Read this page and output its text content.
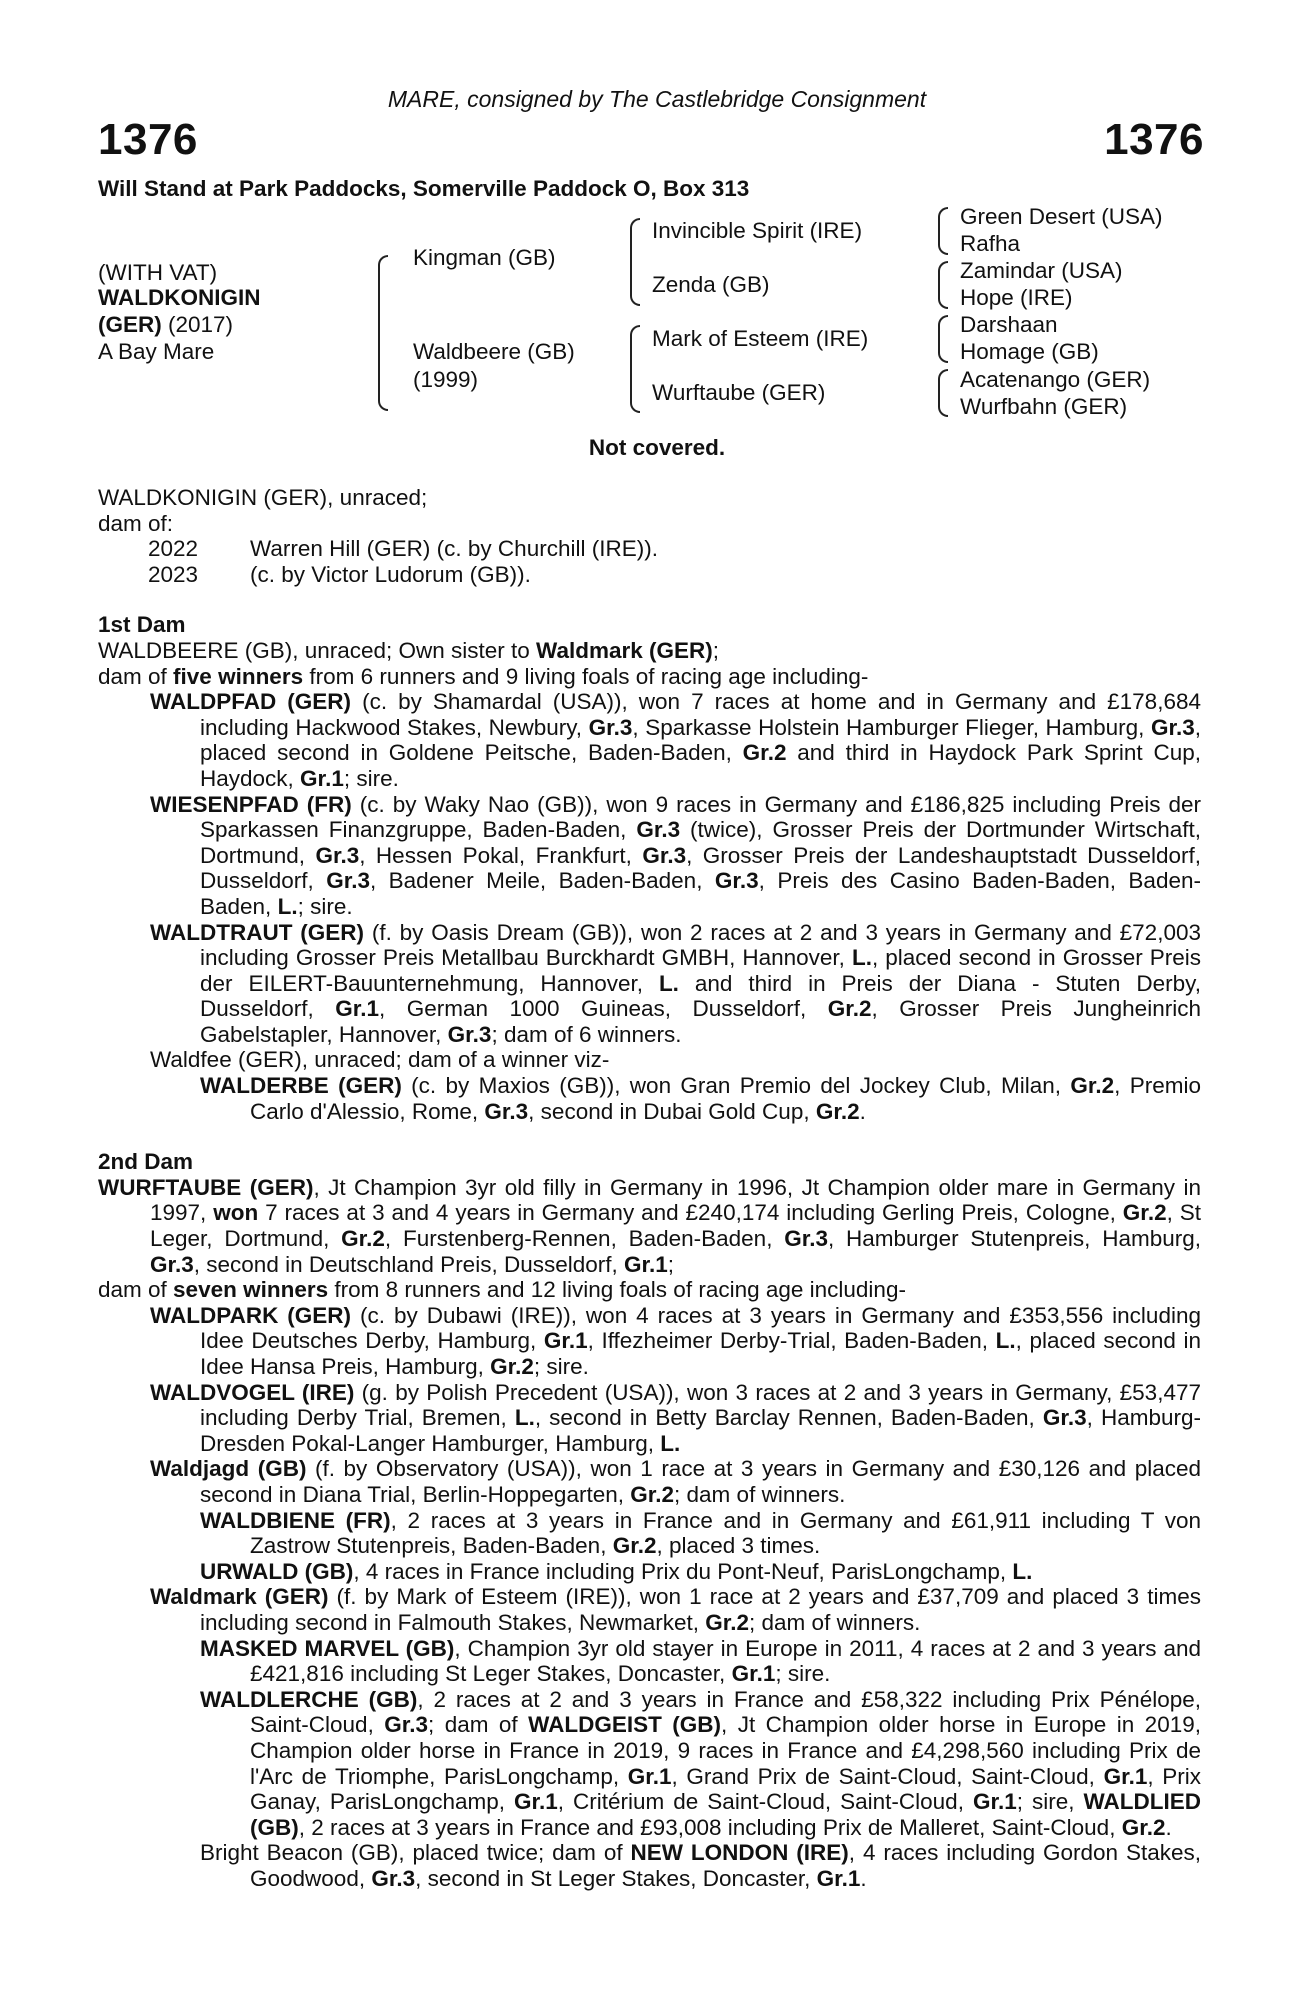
MARE, consigned by The Castlebridge Consignment
1376	1376
Will Stand at Park Paddocks, Somerville Paddock O, Box 313
(WITH VAT)
WALDKONIGIN
(GER) (2017)
A Bay Mare
Kingman (GB)
Waldbeere (GB)
(1999)
Invincible Spirit (IRE)
Zenda (GB)
Mark of Esteem (IRE)
Wurftaube (GER)
Green Desert (USA)
Rafha
Zamindar (USA)
Hope (IRE)
Darshaan
Homage (GB)
Acatenango (GER)
Wurfbahn (GER)
Not covered.
WALDKONIGIN (GER), unraced;
dam of:
2022	Warren Hill (GER) (c. by Churchill (IRE)).
2023	(c. by Victor Ludorum (GB)).
1st Dam
WALDBEERE (GB), unraced; Own sister to Waldmark (GER);
dam of five winners from 6 runners and 9 living foals of racing age including-
WALDPFAD (GER) (c. by Shamardal (USA)), won 7 races at home and in Germany and £178,684 including Hackwood Stakes, Newbury, Gr.3, Sparkasse Holstein Hamburger Flieger, Hamburg, Gr.3, placed second in Goldene Peitsche, Baden-Baden, Gr.2 and third in Haydock Park Sprint Cup, Haydock, Gr.1; sire.
WIESENPFAD (FR) (c. by Waky Nao (GB)), won 9 races in Germany and £186,825 including Preis der Sparkassen Finanzgruppe, Baden-Baden, Gr.3 (twice), Grosser Preis der Dortmunder Wirtschaft, Dortmund, Gr.3, Hessen Pokal, Frankfurt, Gr.3, Grosser Preis der Landeshauptstadt Dusseldorf, Dusseldorf, Gr.3, Badener Meile, Baden-Baden, Gr.3, Preis des Casino Baden-Baden, Baden-Baden, L.; sire.
WALDTRAUT (GER) (f. by Oasis Dream (GB)), won 2 races at 2 and 3 years in Germany and £72,003 including Grosser Preis Metallbau Burckhardt GMBH, Hannover, L., placed second in Grosser Preis der EILERT-Bauunternehmung, Hannover, L. and third in Preis der Diana - Stuten Derby, Dusseldorf, Gr.1, German 1000 Guineas, Dusseldorf, Gr.2, Grosser Preis Jungheinrich Gabelstapler, Hannover, Gr.3; dam of 6 winners.
Waldfee (GER), unraced; dam of a winner viz-
WALDERBE (GER) (c. by Maxios (GB)), won Gran Premio del Jockey Club, Milan, Gr.2, Premio Carlo d'Alessio, Rome, Gr.3, second in Dubai Gold Cup, Gr.2.
2nd Dam
WURFTAUBE (GER), Jt Champion 3yr old filly in Germany in 1996, Jt Champion older mare in Germany in 1997, won 7 races at 3 and 4 years in Germany and £240,174 including Gerling Preis, Cologne, Gr.2, St Leger, Dortmund, Gr.2, Furstenberg-Rennen, Baden-Baden, Gr.3, Hamburger Stutenpreis, Hamburg, Gr.3, second in Deutschland Preis, Dusseldorf, Gr.1;
dam of seven winners from 8 runners and 12 living foals of racing age including-
WALDPARK (GER) (c. by Dubawi (IRE)), won 4 races at 3 years in Germany and £353,556 including Idee Deutsches Derby, Hamburg, Gr.1, Iffezheimer Derby-Trial, Baden-Baden, L., placed second in Idee Hansa Preis, Hamburg, Gr.2; sire.
WALDVOGEL (IRE) (g. by Polish Precedent (USA)), won 3 races at 2 and 3 years in Germany, £53,477 including Derby Trial, Bremen, L., second in Betty Barclay Rennen, Baden-Baden, Gr.3, Hamburg-Dresden Pokal-Langer Hamburger, Hamburg, L.
Waldjagd (GB) (f. by Observatory (USA)), won 1 race at 3 years in Germany and £30,126 and placed second in Diana Trial, Berlin-Hoppegarten, Gr.2; dam of winners.
WALDBIENE (FR), 2 races at 3 years in France and in Germany and £61,911 including T von Zastrow Stutenpreis, Baden-Baden, Gr.2, placed 3 times.
URWALD (GB), 4 races in France including Prix du Pont-Neuf, ParisLongchamp, L.
Waldmark (GER) (f. by Mark of Esteem (IRE)), won 1 race at 2 years and £37,709 and placed 3 times including second in Falmouth Stakes, Newmarket, Gr.2; dam of winners.
MASKED MARVEL (GB), Champion 3yr old stayer in Europe in 2011, 4 races at 2 and 3 years and £421,816 including St Leger Stakes, Doncaster, Gr.1; sire.
WALDLERCHE (GB), 2 races at 2 and 3 years in France and £58,322 including Prix Pénélope, Saint-Cloud, Gr.3; dam of WALDGEIST (GB), Jt Champion older horse in Europe in 2019, Champion older horse in France in 2019, 9 races in France and £4,298,560 including Prix de l'Arc de Triomphe, ParisLongchamp, Gr.1, Grand Prix de Saint-Cloud, Saint-Cloud, Gr.1, Prix Ganay, ParisLongchamp, Gr.1, Critérium de Saint-Cloud, Saint-Cloud, Gr.1; sire, WALDLIED (GB), 2 races at 3 years in France and £93,008 including Prix de Malleret, Saint-Cloud, Gr.2.
Bright Beacon (GB), placed twice; dam of NEW LONDON (IRE), 4 races including Gordon Stakes, Goodwood, Gr.3, second in St Leger Stakes, Doncaster, Gr.1.
